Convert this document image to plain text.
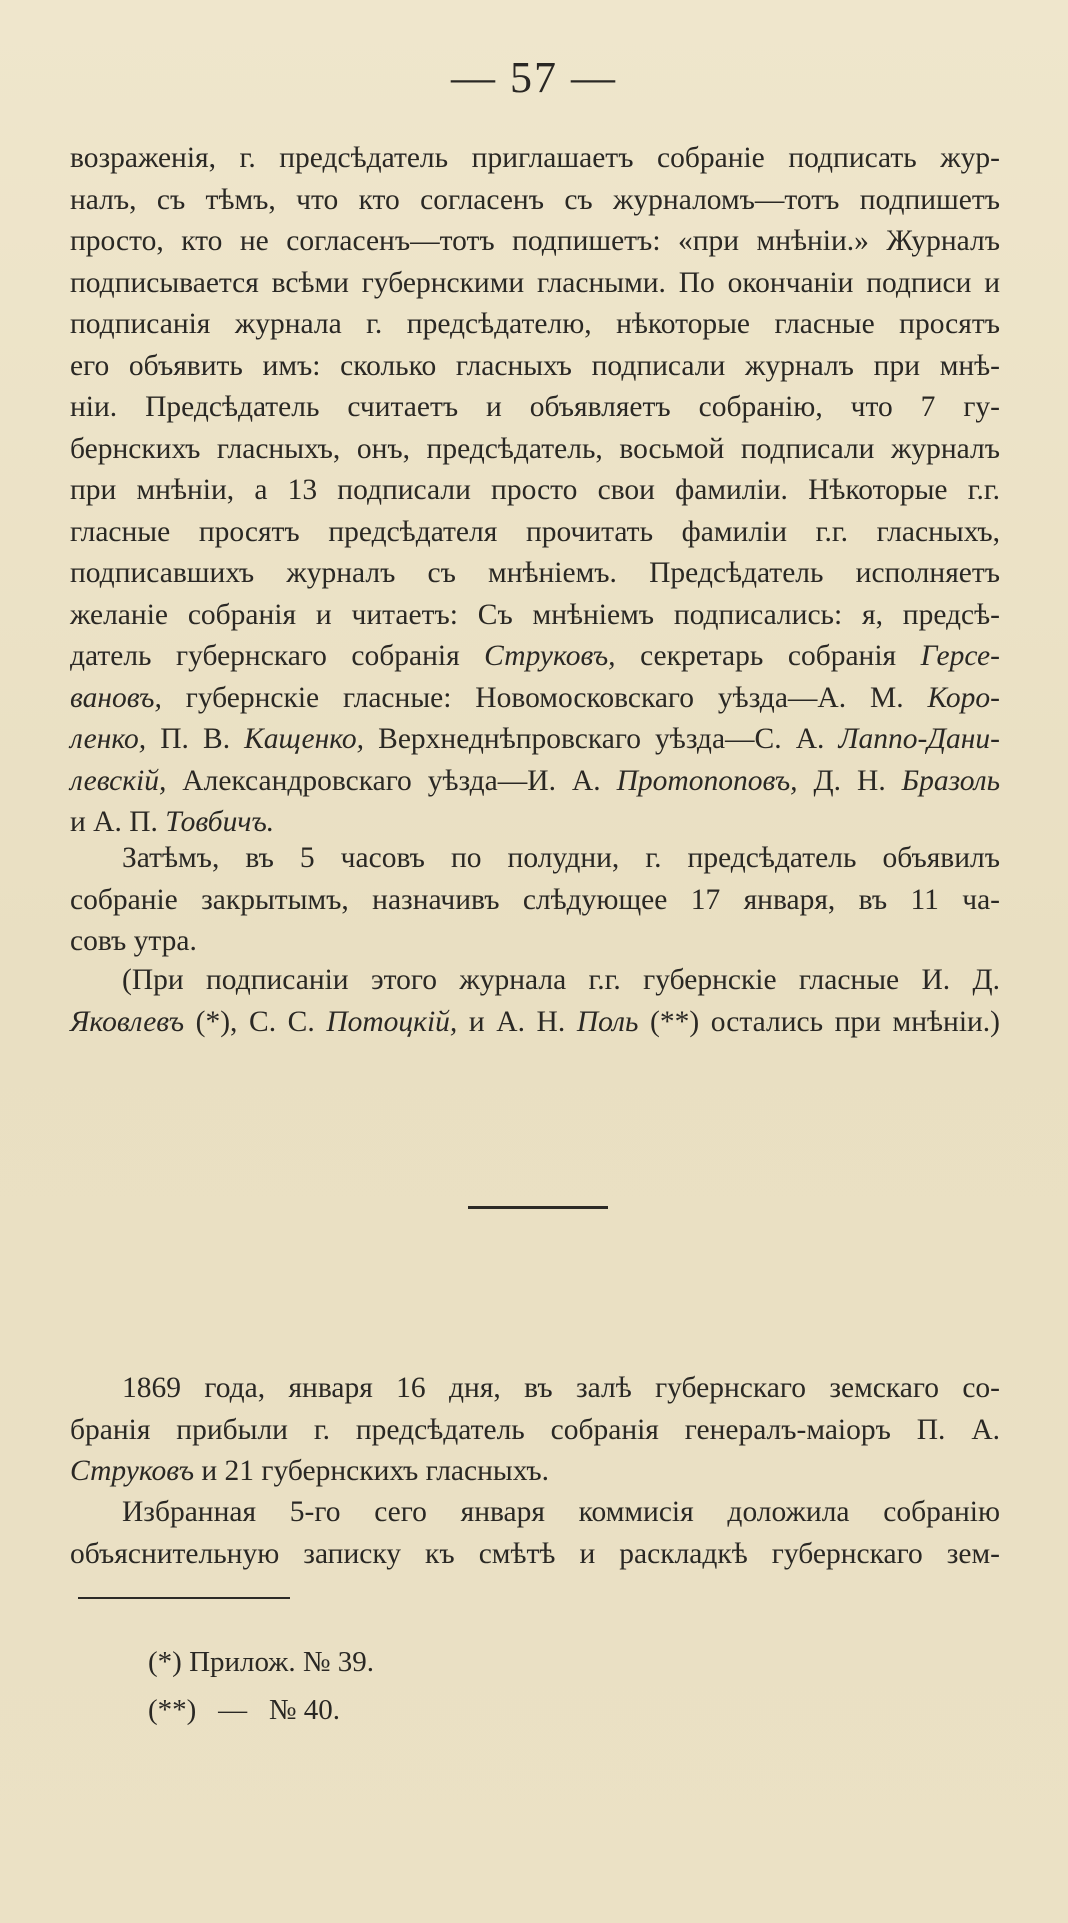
— 57 —
возраженія, г. предсѣдатель приглашаетъ собраніе подписать жур-
налъ, съ тѣмъ, что кто согласенъ съ журналомъ—тотъ подпишетъ
просто, кто не согласенъ—тотъ подпишетъ: «при мнѣніи.» Журналъ
подписывается всѣми губернскими гласными. По окончаніи подписи и
подписанія журнала г. предсѣдателю, нѣкоторые гласные просятъ
его объявить имъ: сколько гласныхъ подписали журналъ при мнѣ-
ніи. Предсѣдатель считаетъ и объявляетъ собранію, что 7 гу-
бернскихъ гласныхъ, онъ, предсѣдатель, восьмой подписали журналъ
при мнѣніи, а 13 подписали просто свои фамиліи. Нѣкоторые г.г.
гласные просятъ предсѣдателя прочитать фамиліи г.г. гласныхъ,
подписавшихъ журналъ съ мнѣніемъ. Предсѣдатель исполняетъ
желаніе собранія и читаетъ: Съ мнѣніемъ подписались: я, предсѣ-
датель губернскаго собранія Струковъ, секретарь собранія Герсе-
вановъ, губернскіе гласные: Новомосковскаго уѣзда—А. М. Коро-
ленко, П. В. Кащенко, Верхнеднѣпровскаго уѣзда—С. А. Лаппо-Дани-
левскій, Александровскаго уѣзда—И. А. Протопоповъ, Д. Н. Бразоль
и А. П. Товбичъ.
Затѣмъ, въ 5 часовъ по полудни, г. предсѣдатель объявилъ
собраніе закрытымъ, назначивъ слѣдующее 17 января, въ 11 ча-
совъ утра.
(При подписаніи этого журнала г.г. губернскіе гласные И. Д.
Яковлевъ (*), С. С. Потоцкій, и А. Н. Поль (**) остались при мнѣніи.)
1869 года, января 16 дня, въ залѣ губернскаго земскаго со-
бранія прибыли г. предсѣдатель собранія генералъ-маіоръ П. А.
Струковъ и 21 губернскихъ гласныхъ.
Избранная 5-го сего января коммисія доложила собранію
объяснительную записку къ смѣтѣ и раскладкѣ губернскаго зем-
(*) Прилож. № 39.
(**)   —   № 40.
